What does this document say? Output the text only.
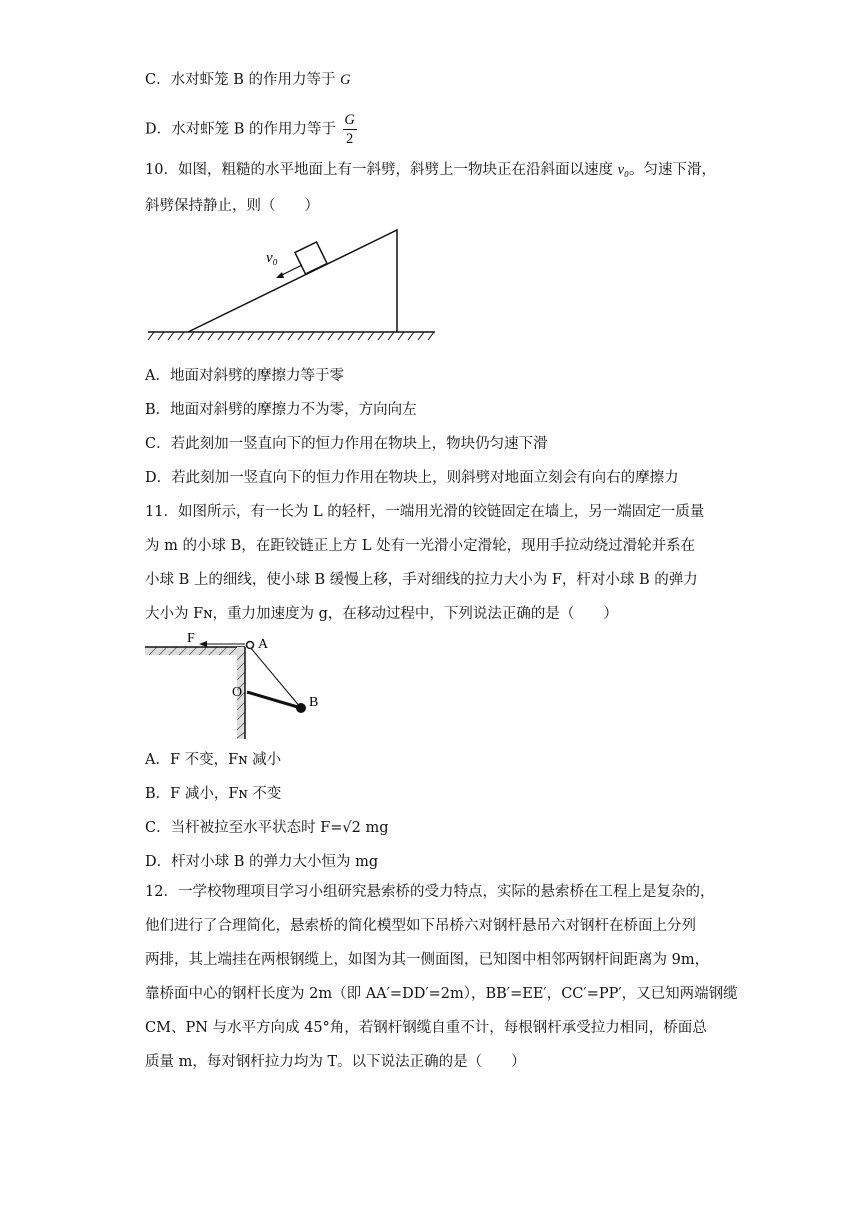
C．水对虾笼 B 的作用力等于 G
D．水对虾笼 B 的作用力等于 $\frac{G}{2}$
10．如图，粗糙的水平地面上有一斜劈，斜劈上一物块正在沿斜面以速度 v₀。匀速下滑，
斜劈保持静止，则（　　）
v₀
A．地面对斜劈的摩擦力等于零
B．地面对斜劈的摩擦力不为零，方向向左
C．若此刻加一竖直向下的恒力作用在物块上，物块仍匀速下滑
D．若此刻加一竖直向下的恒力作用在物块上，则斜劈对地面立刻会有向右的摩擦力
11．如图所示，有一长为 L 的轻杆，一端用光滑的铰链固定在墙上，另一端固定一质量
为 m 的小球 B，在距铰链正上方 L 处有一光滑小定滑轮，现用手拉动绕过滑轮并系在
小球 B 上的细线，使小球 B 缓慢上移，手对细线的拉力大小为 F，杆对小球 B 的弹力
大小为 Fɴ，重力加速度为 g，在移动过程中，下列说法正确的是（　　）
F	A
O
B
A．F 不变，Fɴ 减小
B．F 减小，Fɴ 不变
C．当杆被拉至水平状态时 F=√2 mg
D．杆对小球 B 的弹力大小恒为 mg
12．一学校物理项目学习小组研究悬索桥的受力特点，实际的悬索桥在工程上是复杂的，
他们进行了合理简化，悬索桥的简化模型如下吊桥六对钢杆悬吊六对钢杆在桥面上分列
两排，其上端挂在两根钢缆上，如图为其一侧面图，已知图中相邻两钢杆间距离为 9m，
靠桥面中心的钢杆长度为 2m（即 AA′=DD′=2m），BB′=EE′，CC′=PP′，又已知两端钢缆
CM、PN 与水平方向成 45°角，若钢杆钢缆自重不计，每根钢杆承受拉力相同，桥面总
质量 m，每对钢杆拉力均为 T。以下说法正确的是（　　）
